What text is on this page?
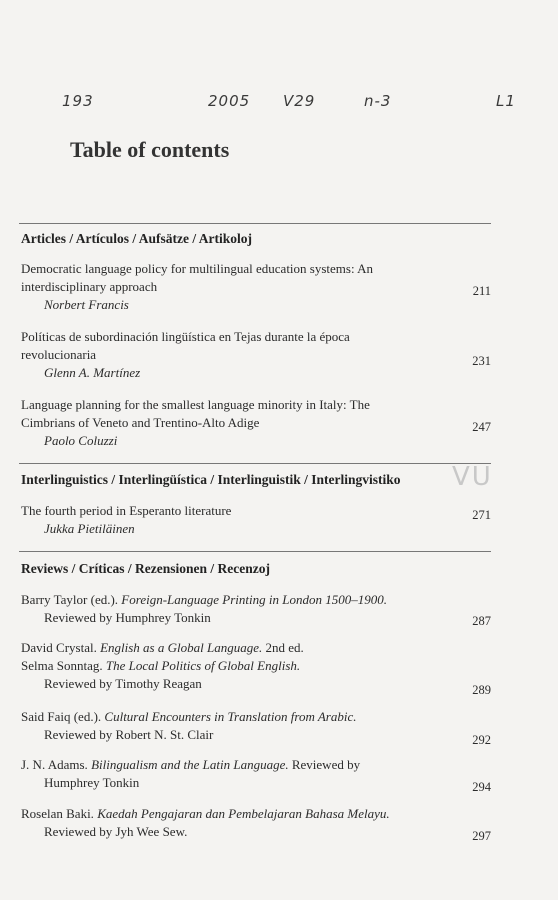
193	2005 V29	n-3	L1
Table of contents
Articles / Artículos / Aufsätze / Artikoloj
Democratic language policy for multilingual education systems: An
interdisciplinary approach
Norbert Francis
211
Políticas de subordinación lingüística en Tejas durante la época
revolucionaria
Glenn A. Martínez
231
Language planning for the smallest language minority in Italy: The
Cimbrians of Veneto and Trentino-Alto Adige
Paolo Coluzzi
247
Interlinguistics / Interlingüística / Interlinguistik / Interlingvistiko	VU
The fourth period in Esperanto literature
Jukka Pietiläinen
271
Reviews / Críticas / Rezensionen / Recenzoj
Barry Taylor (ed.). Foreign-Language Printing in London 1500–1900.
Reviewed by Humphrey Tonkin	287
David Crystal. English as a Global Language. 2nd ed.
Selma Sonntag. The Local Politics of Global English.
Reviewed by Timothy Reagan	289
Said Faiq (ed.). Cultural Encounters in Translation from Arabic.
Reviewed by Robert N. St. Clair	292
J. N. Adams. Bilingualism and the Latin Language. Reviewed by
Humphrey Tonkin	294
Roselan Baki. Kaedah Pengajaran dan Pembelajaran Bahasa Melayu.
Reviewed by Jyh Wee Sew.	297
